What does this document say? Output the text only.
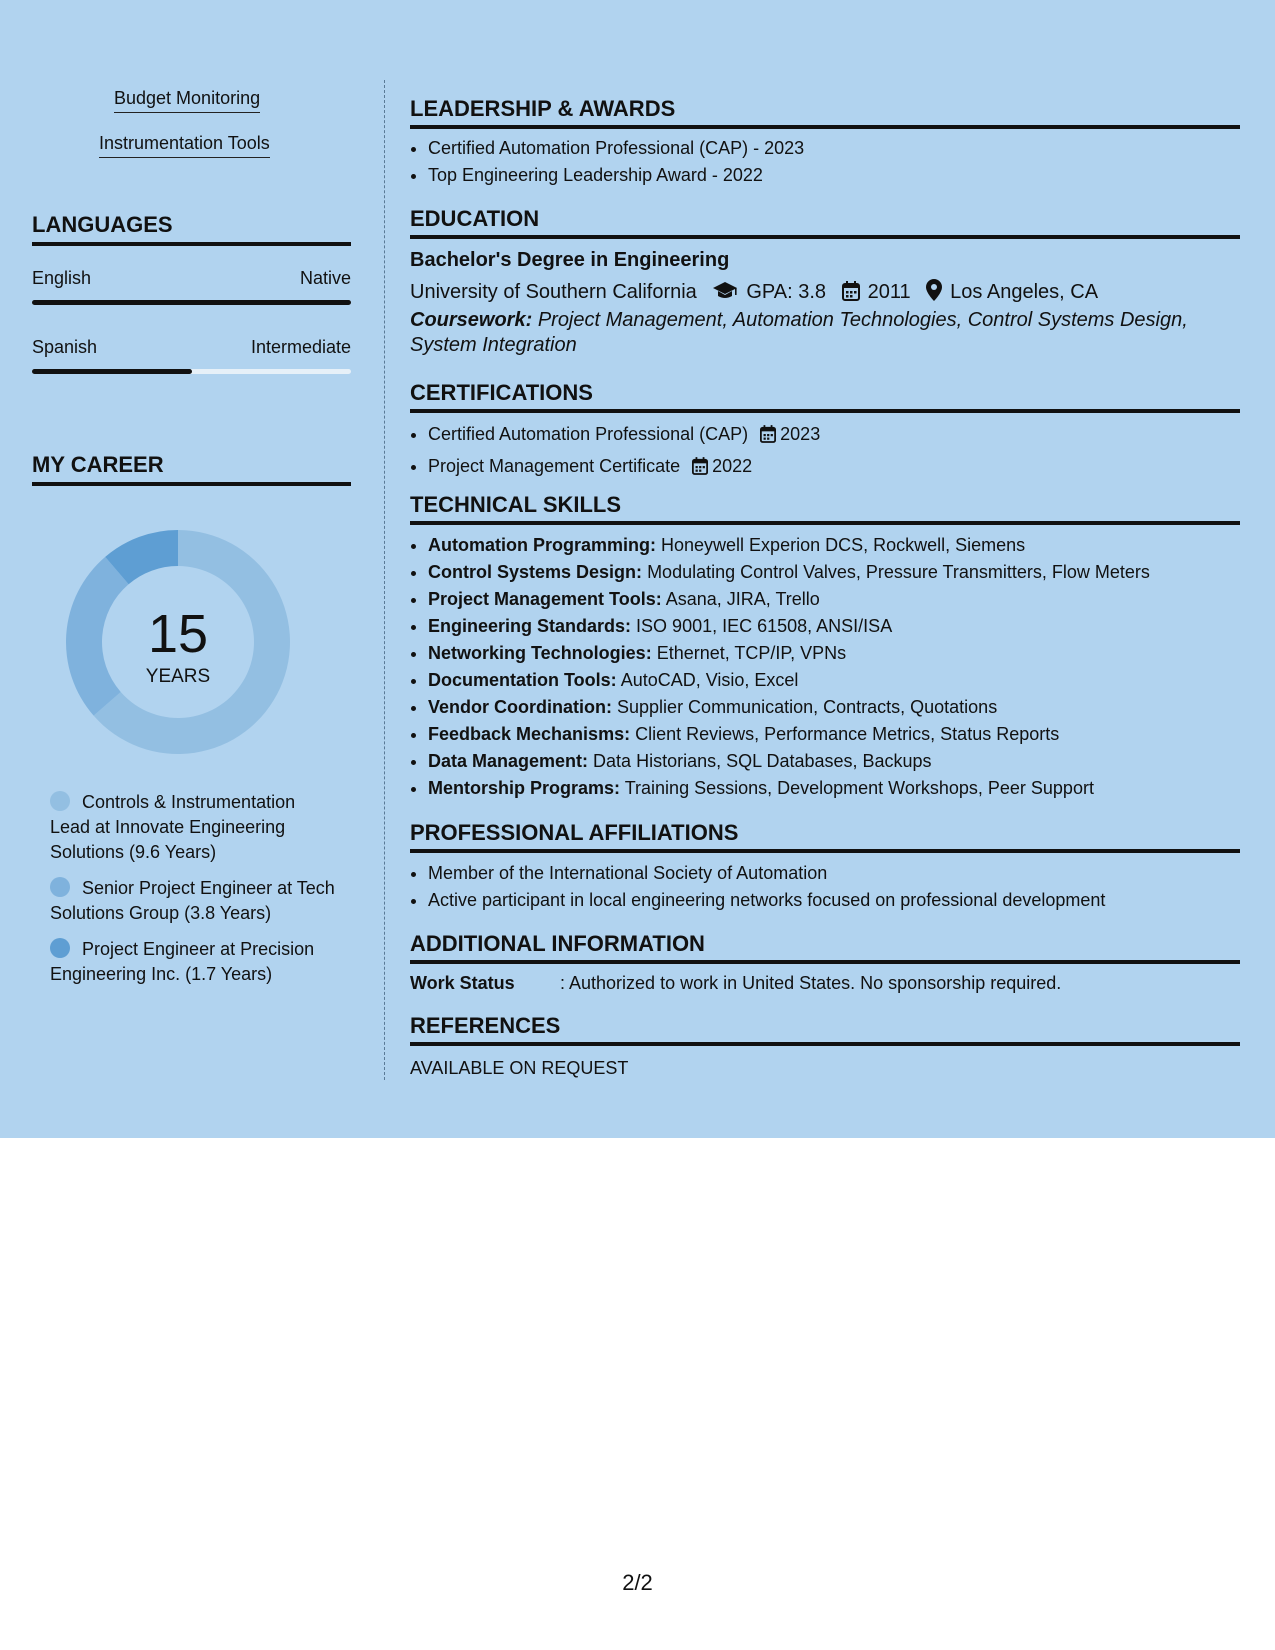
Budget Monitoring
Instrumentation Tools
LANGUAGES
English	Native
Spanish	Intermediate
MY CAREER
15
YEARS
Controls & Instrumentation Lead at Innovate Engineering Solutions (9.6 Years)
Senior Project Engineer at Tech Solutions Group (3.8 Years)
Project Engineer at Precision Engineering Inc. (1.7 Years)
LEADERSHIP & AWARDS
• Certified Automation Professional (CAP) - 2023
• Top Engineering Leadership Award - 2022
EDUCATION
Bachelor's Degree in Engineering
University of Southern California GPA: 3.8 2011 Los Angeles, CA
Coursework: Project Management, Automation Technologies, Control Systems Design, System Integration
CERTIFICATIONS
• Certified Automation Professional (CAP) 2023
• Project Management Certificate 2022
TECHNICAL SKILLS
• Automation Programming: Honeywell Experion DCS, Rockwell, Siemens
• Control Systems Design: Modulating Control Valves, Pressure Transmitters, Flow Meters
• Project Management Tools: Asana, JIRA, Trello
• Engineering Standards: ISO 9001, IEC 61508, ANSI/ISA
• Networking Technologies: Ethernet, TCP/IP, VPNs
• Documentation Tools: AutoCAD, Visio, Excel
• Vendor Coordination: Supplier Communication, Contracts, Quotations
• Feedback Mechanisms: Client Reviews, Performance Metrics, Status Reports
• Data Management: Data Historians, SQL Databases, Backups
• Mentorship Programs: Training Sessions, Development Workshops, Peer Support
PROFESSIONAL AFFILIATIONS
• Member of the International Society of Automation
• Active participant in local engineering networks focused on professional development
ADDITIONAL INFORMATION
Work Status	: Authorized to work in United States. No sponsorship required.
REFERENCES
AVAILABLE ON REQUEST
2/2
